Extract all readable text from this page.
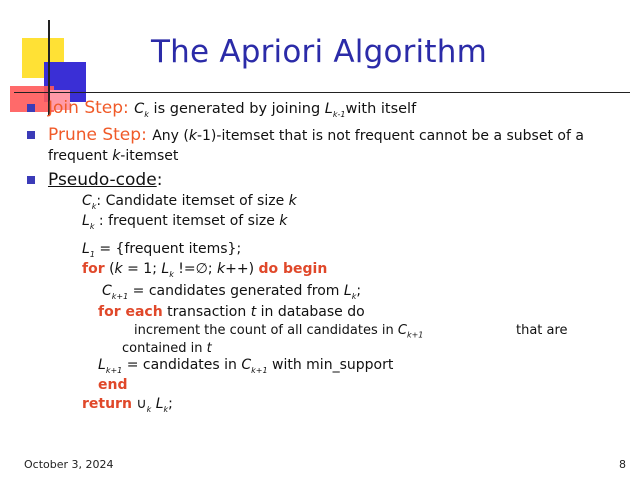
The Apriori Algorithm
Join Step: $C_k$ is generated by joining $L_{k-1}with$ itself
Prune Step: Any (k-1)-itemset that is not frequent cannot be a subset of a frequent k-itemset
Pseudo-code:
$C_k$: Candidate itemset of size k
$L_k$ : frequent itemset of size k
$L_1$ = {frequent items};
for (k = 1; $L_k$ !=∅; k++) do begin
$C_{k+1}$ = candidates generated from $L_k$;
for each transaction t in database do
increment the count of all candidates in $C_{k+1}$	that are
contained in t
$L_{k+1}$ = candidates in $C_{k+1}$ with min_support
end
return $\cup_k$ $L_k$;
October 3, 2024	8
